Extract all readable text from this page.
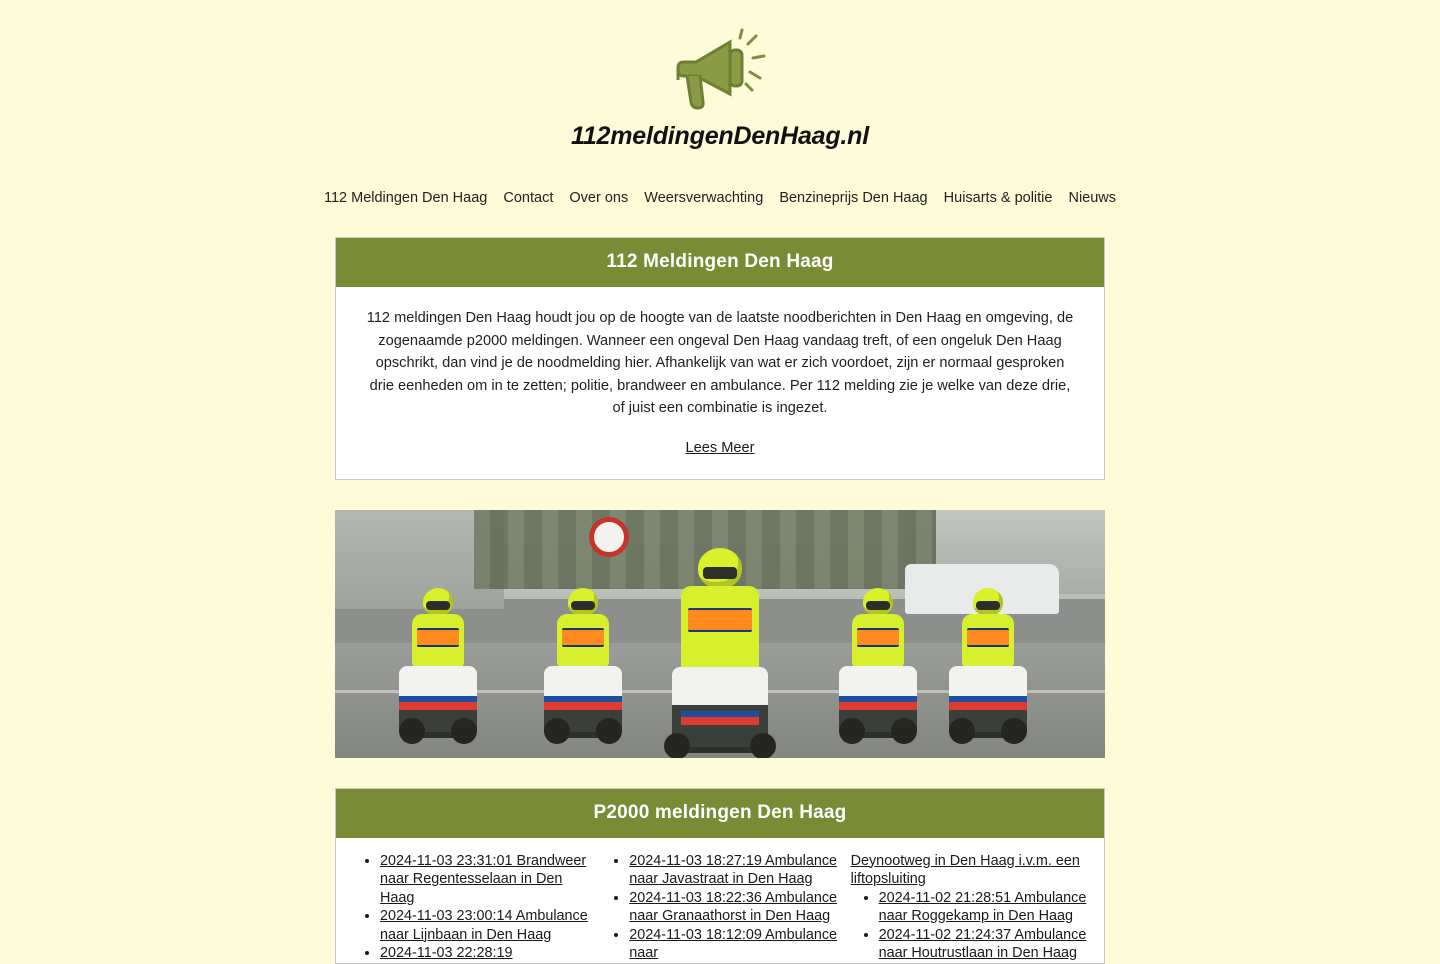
112meldingenDenHaag.nl
112 Meldingen Den Haag Contact Over ons Weersverwachting Benzineprijs Den Haag Huisarts & politie Nieuws
112 Meldingen Den Haag

112 meldingen Den Haag houdt jou op de hoogte van de laatste noodberichten in Den Haag en omgeving, de zogenaamde p2000 meldingen. Wanneer een ongeval Den Haag vandaag treft, of een ongeluk Den Haag opschrikt, dan vind je de noodmelding hier. Afhankelijk van wat er zich voordoet, zijn er normaal gesproken drie eenheden om in te zetten; politie, brandweer en ambulance. Per 112 melding zie je welke van deze drie, of juist een combinatie is ingezet.

Lees Meer
P2000 meldingen Den Haag
• 2024-11-03 23:31:01 Brandweer naar Regentesselaan in Den Haag
• 2024-11-03 23:00:14 Ambulance naar Lijnbaan in Den Haag
• 2024-11-03 22:28:19
• 2024-11-03 18:27:19 Ambulance naar Javastraat in Den Haag
• 2024-11-03 18:22:36 Ambulance naar Granaathorst in Den Haag
• 2024-11-03 18:12:09 Ambulance naar
Deynootweg in Den Haag i.v.m. een liftopsluiting
• 2024-11-02 21:28:51 Ambulance naar Roggekamp in Den Haag
• 2024-11-02 21:24:37 Ambulance naar Houtrustlaan in Den Haag
